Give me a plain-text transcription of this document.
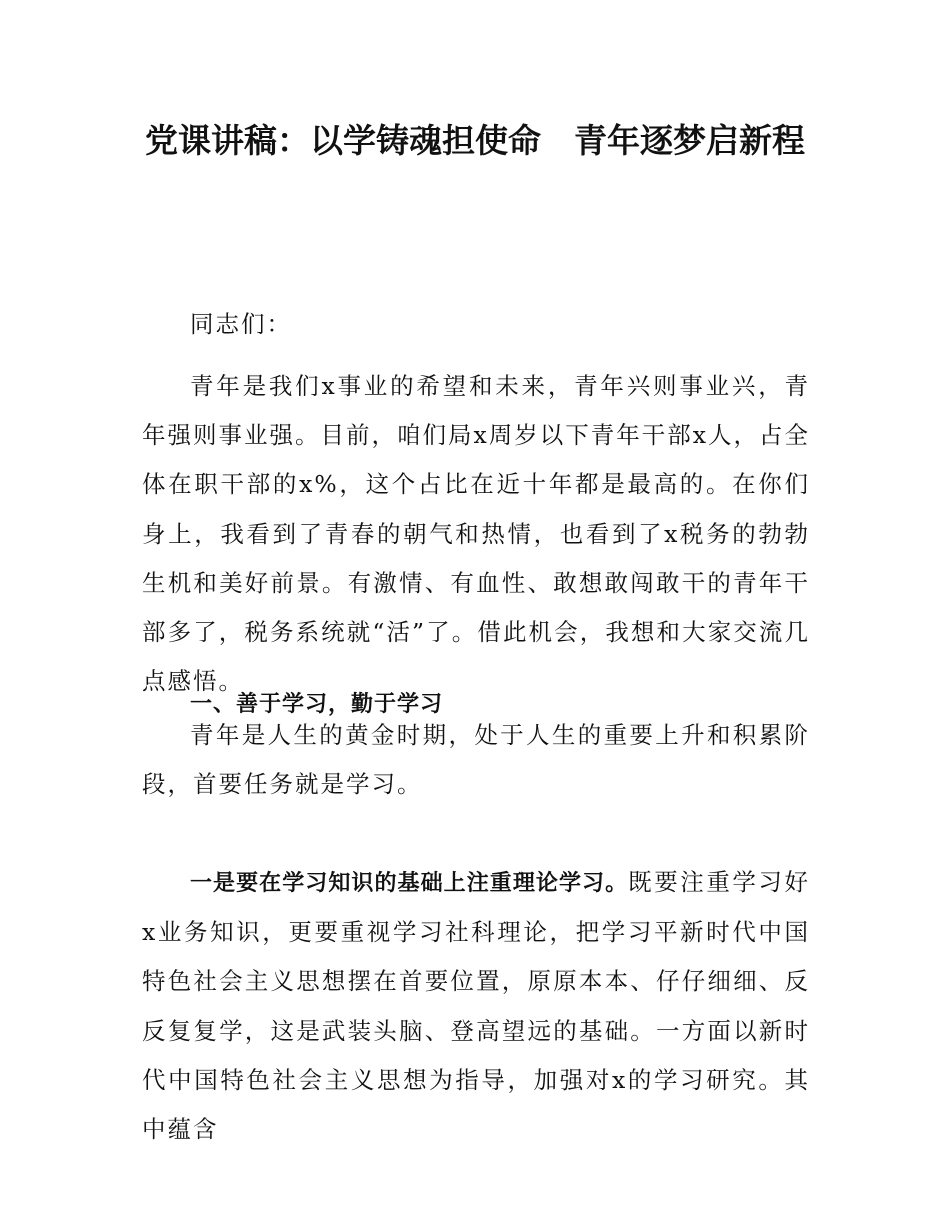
党课讲稿：以学铸魂担使命　青年逐梦启新程

同志们：

青年是我们x事业的希望和未来，青年兴则事业兴，青年强则事业强。目前，咱们局x周岁以下青年干部x人，占全体在职干部的x%，这个占比在近十年都是最高的。在你们身上，我看到了青春的朝气和热情，也看到了x税务的勃勃生机和美好前景。有激情、有血性、敢想敢闯敢干的青年干部多了，税务系统就“活”了。借此机会，我想和大家交流几点感悟。

一、善于学习，勤于学习

青年是人生的黄金时期，处于人生的重要上升和积累阶段，首要任务就是学习。

一是要在学习知识的基础上注重理论学习。既要注重学习好x业务知识，更要重视学习社科理论，把学习平新时代中国特色社会主义思想摆在首要位置，原原本本、仔仔细细、反反复复学，这是武装头脑、登高望远的基础。一方面以新时代中国特色社会主义思想为指导，加强对x的学习研究。其中蕴含
